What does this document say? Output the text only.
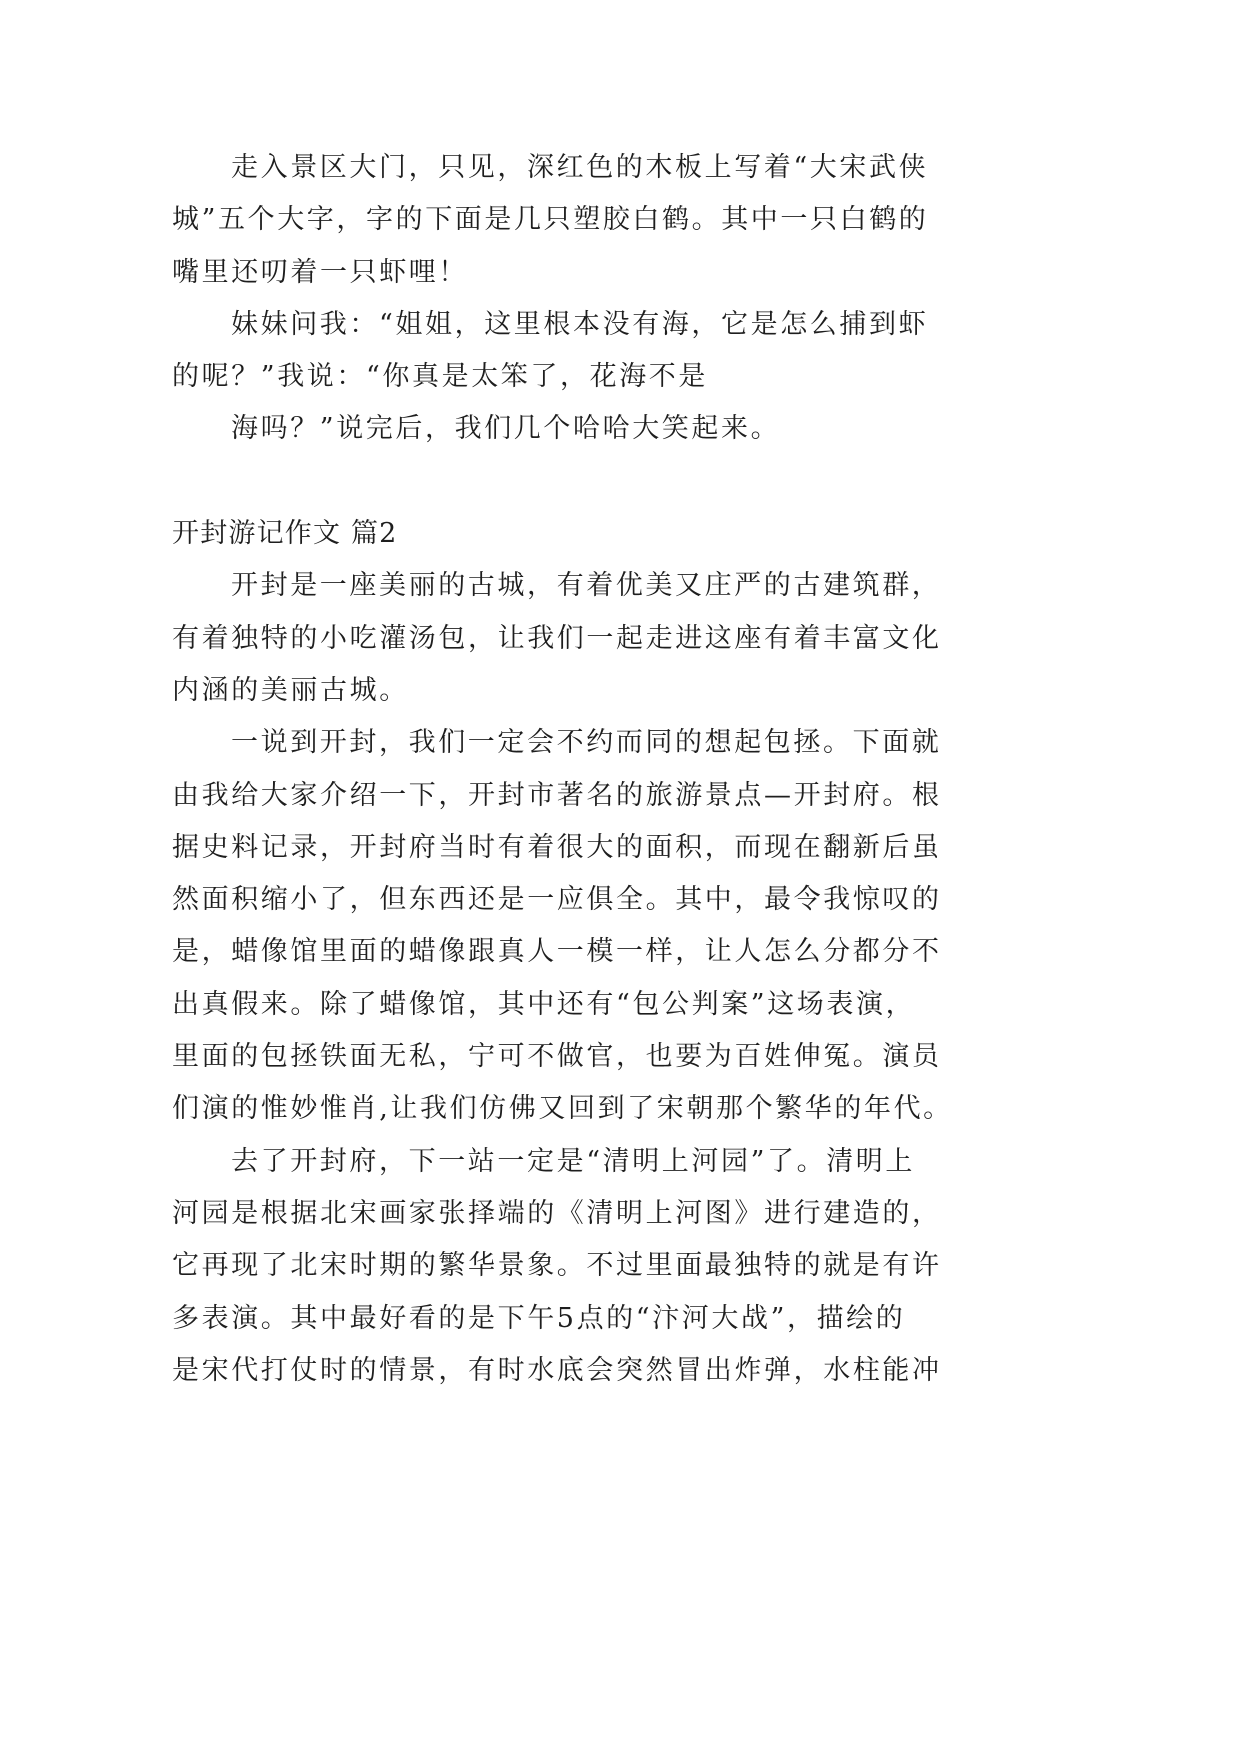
走入景区大门，只见，深红色的木板上写着“大宋武侠
城”五个大字，字的下面是几只塑胶白鹤。其中一只白鹤的
嘴里还叨着一只虾哩！
妹妹问我：“姐姐，这里根本没有海，它是怎么捕到虾
的呢？”我说：“你真是太笨了，花海不是
海吗？”说完后，我们几个哈哈大笑起来。
开封游记作文 篇2
开封是一座美丽的古城，有着优美又庄严的古建筑群，
有着独特的小吃灌汤包，让我们一起走进这座有着丰富文化
内涵的美丽古城。
一说到开封，我们一定会不约而同的想起包拯。下面就
由我给大家介绍一下，开封市著名的旅游景点—开封府。根
据史料记录，开封府当时有着很大的面积，而现在翻新后虽
然面积缩小了，但东西还是一应俱全。其中，最令我惊叹的
是，蜡像馆里面的蜡像跟真人一模一样，让人怎么分都分不
出真假来。除了蜡像馆，其中还有“包公判案”这场表演，
里面的包拯铁面无私，宁可不做官，也要为百姓伸冤。演员
们演的惟妙惟肖,让我们仿佛又回到了宋朝那个繁华的年代。
去了开封府，下一站一定是“清明上河园”了。清明上
河园是根据北宋画家张择端的《清明上河图》进行建造的，
它再现了北宋时期的繁华景象。不过里面最独特的就是有许
多表演。其中最好看的是下午5点的“汴河大战”，描绘的
是宋代打仗时的情景，有时水底会突然冒出炸弹，水柱能冲
